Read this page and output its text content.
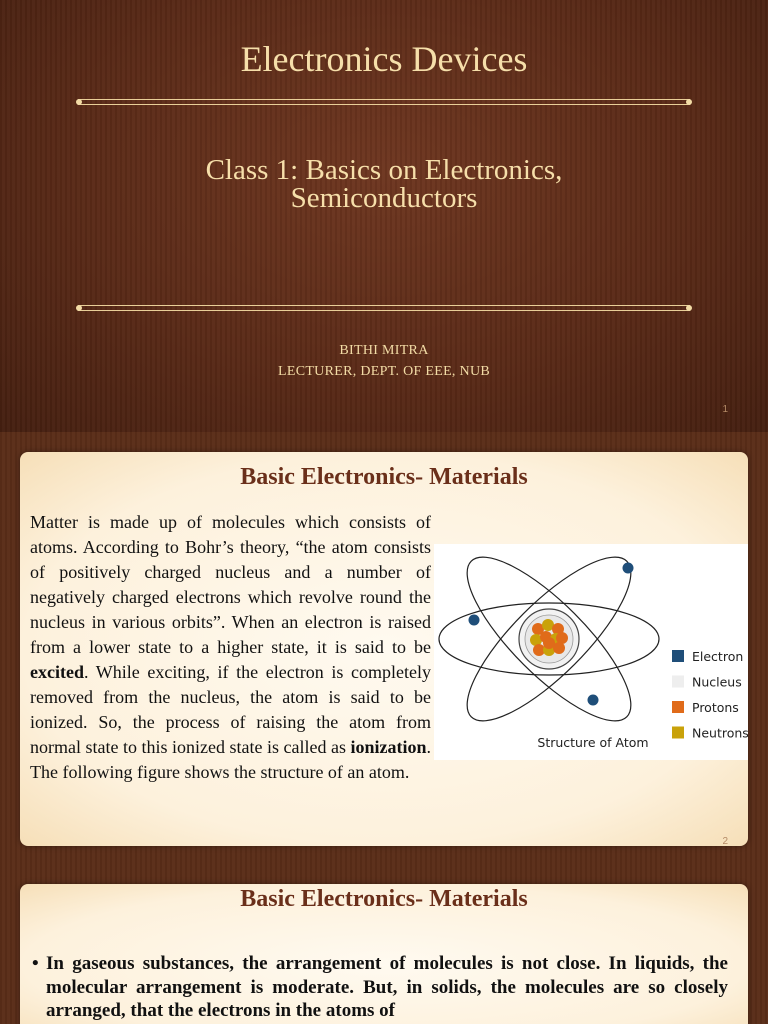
Electronics Devices
Class 1: Basics on Electronics,
Semiconductors
BITHI MITRA
LECTURER, DEPT. OF EEE, NUB
1
Basic Electronics- Materials
Matter is made up of molecules which consists of atoms. According to Bohr’s theory, “the atom consists of positively charged nucleus and a number of negatively charged electrons which revolve round the nucleus in various orbits”. When an electron is raised from a lower state to a higher state, it is said to be excited. While exciting, if the electron is completely removed from the nucleus, the atom is said to be ionized. So, the process of raising the atom from normal state to this ionized state is called as ionization. The following figure shows the structure of an atom.
Structure of Atom
Electron
Nucleus
Protons
Neutrons
2
Basic Electronics- Materials
• In gaseous substances, the arrangement of molecules is not close. In liquids, the molecular arrangement is moderate. But, in solids, the molecules are so closely arranged, that the electrons in the atoms of
